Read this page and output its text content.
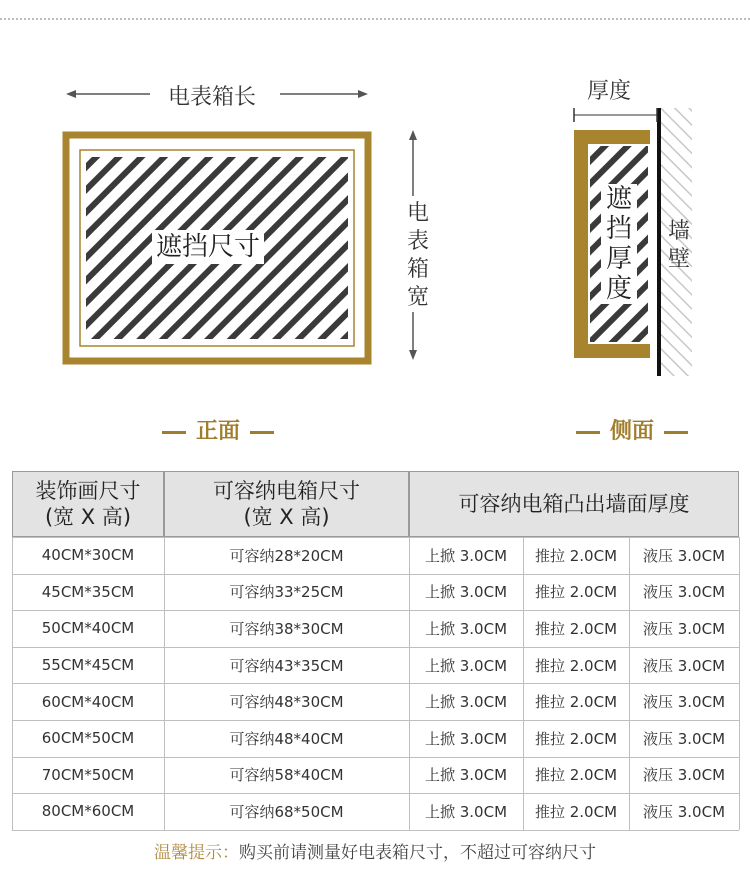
电表箱长
电表箱宽
遮挡尺寸
正面
厚度
遮挡厚度
墙壁
侧面
装饰画尺寸
(宽 X 高)
可容纳电箱尺寸
(宽 X 高)
可容纳电箱凸出墙面厚度
40CM*30CM	可容纳28*20CM	上掀 3.0CM	推拉 2.0CM	液压 3.0CM
45CM*35CM	可容纳33*25CM	上掀 3.0CM	推拉 2.0CM	液压 3.0CM
50CM*40CM	可容纳38*30CM	上掀 3.0CM	推拉 2.0CM	液压 3.0CM
55CM*45CM	可容纳43*35CM	上掀 3.0CM	推拉 2.0CM	液压 3.0CM
60CM*40CM	可容纳48*30CM	上掀 3.0CM	推拉 2.0CM	液压 3.0CM
60CM*50CM	可容纳48*40CM	上掀 3.0CM	推拉 2.0CM	液压 3.0CM
70CM*50CM	可容纳58*40CM	上掀 3.0CM	推拉 2.0CM	液压 3.0CM
80CM*60CM	可容纳68*50CM	上掀 3.0CM	推拉 2.0CM	液压 3.0CM
温馨提示：购买前请测量好电表箱尺寸，不超过可容纳尺寸
